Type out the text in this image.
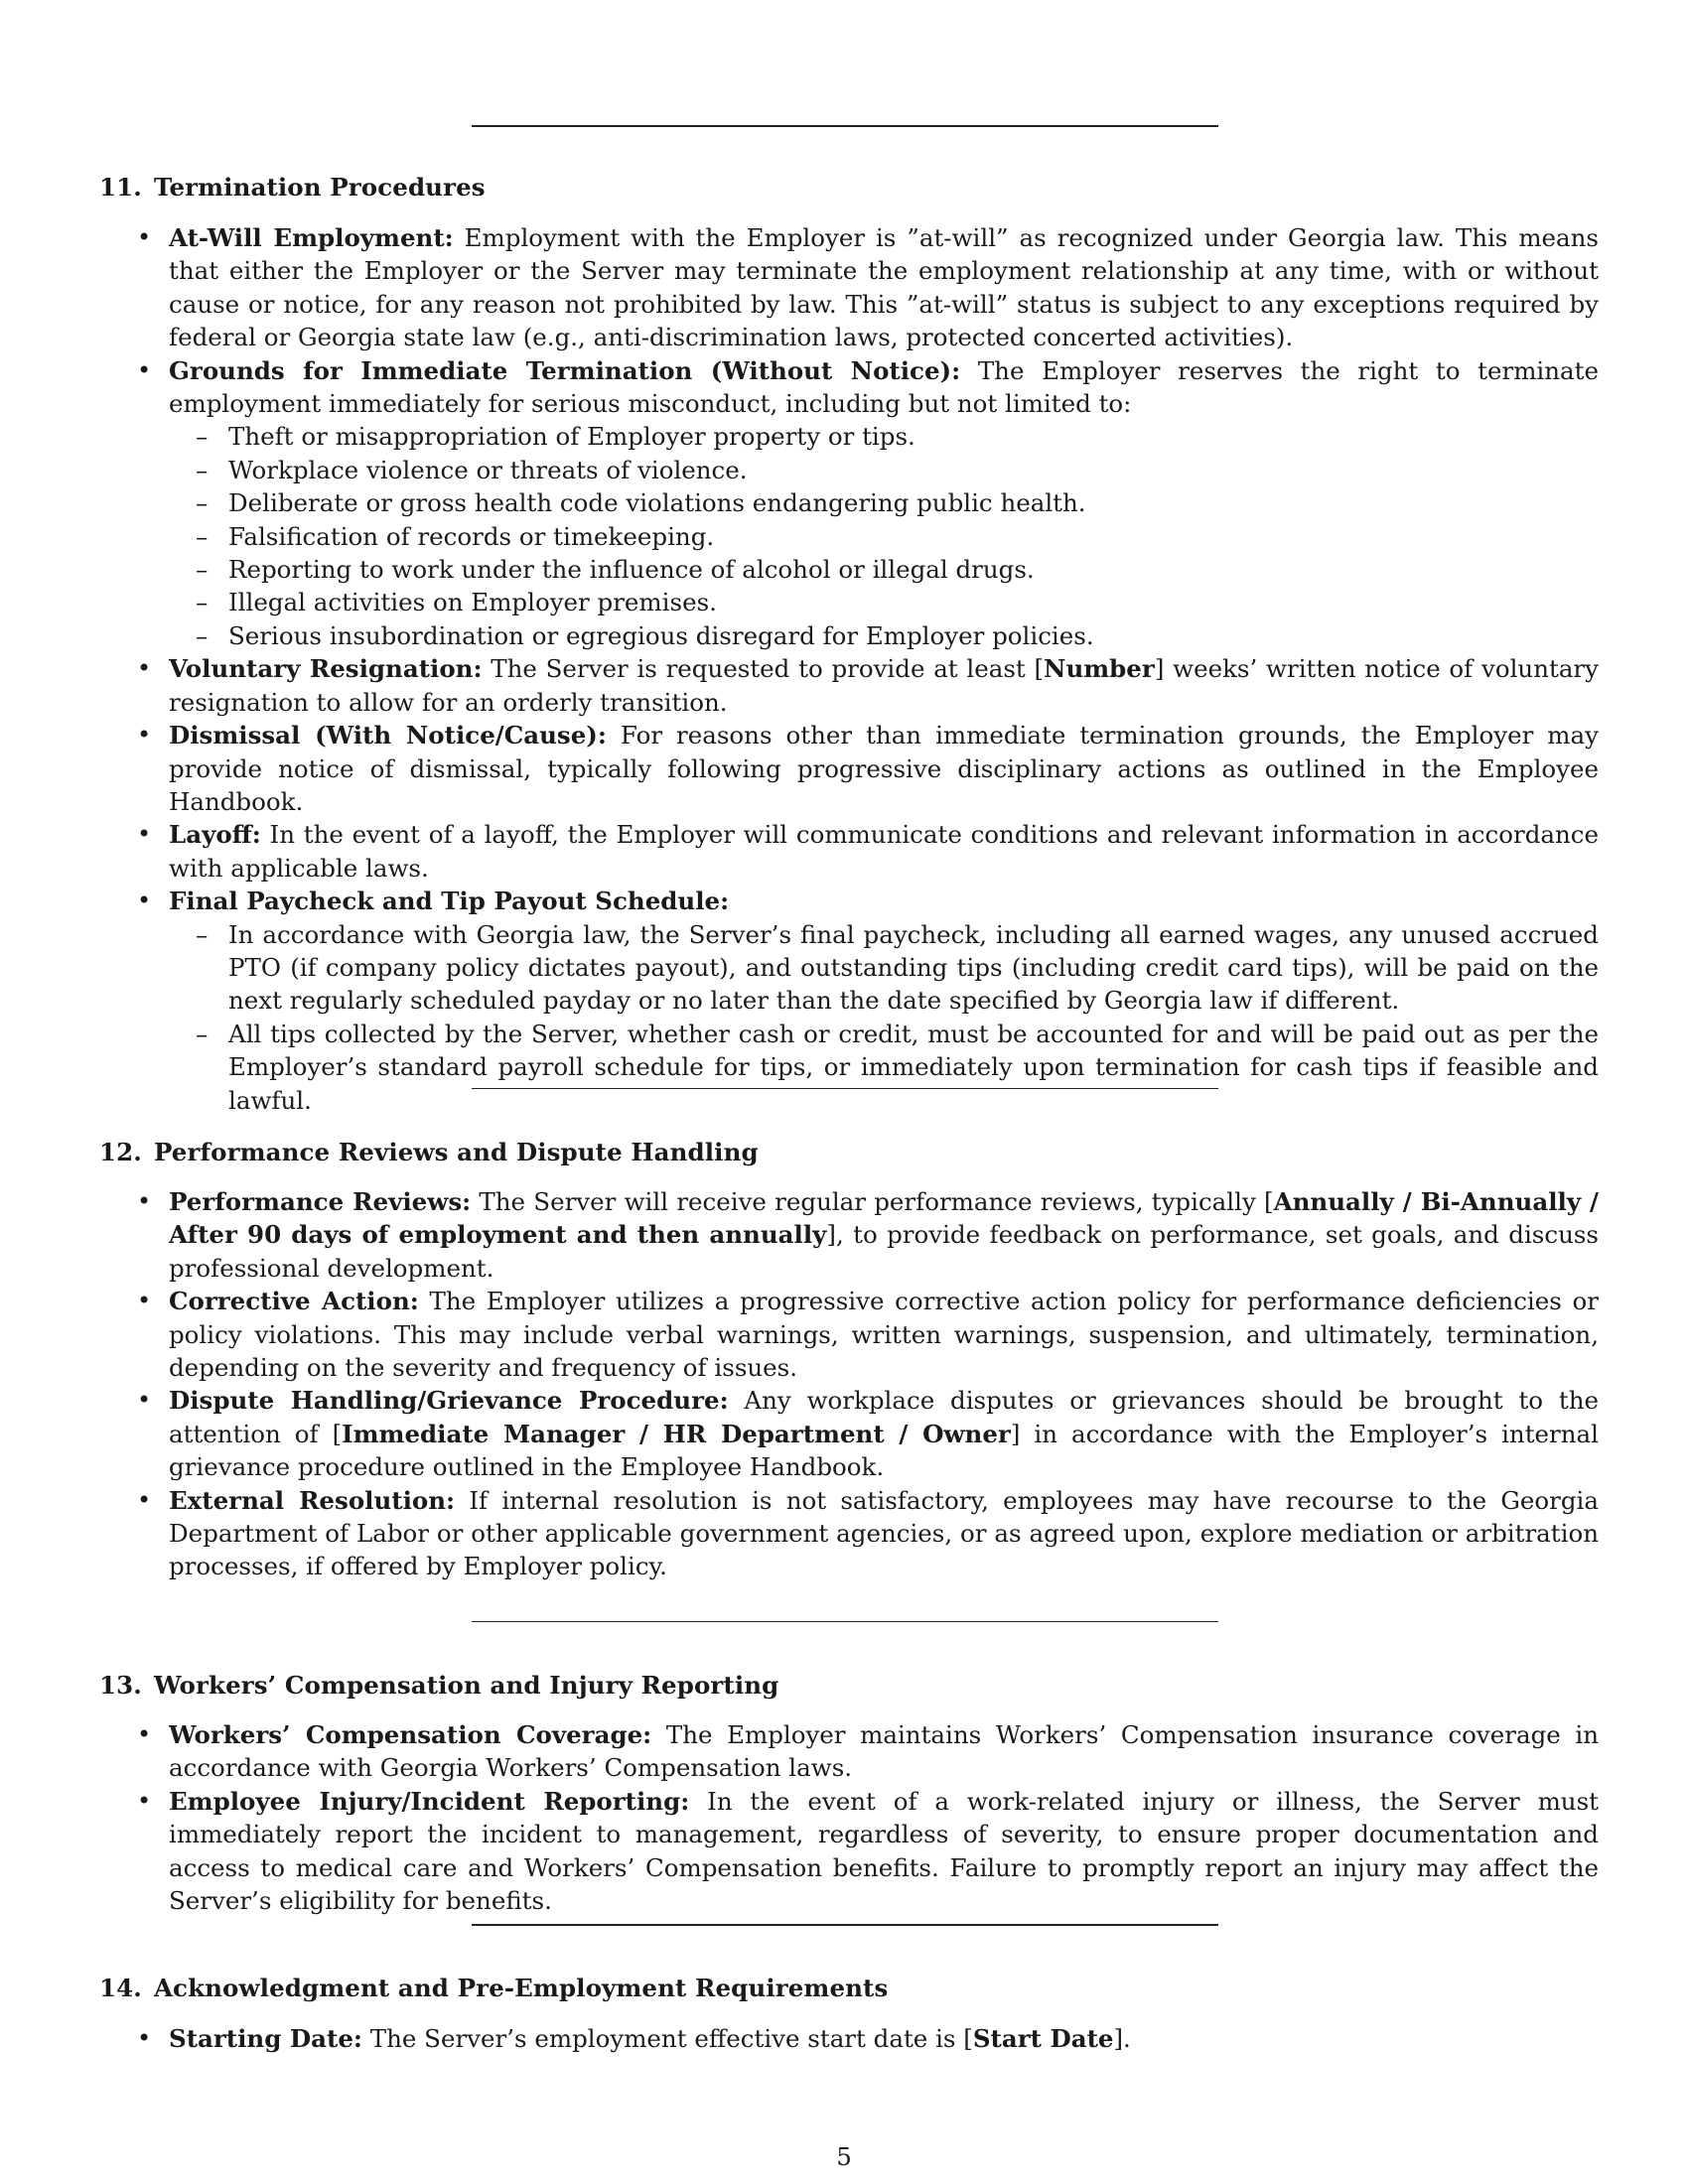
11. Termination Procedures
• At-Will Employment: Employment with the Employer is ”at-will” as recognized under Georgia law. This means that either the Employer or the Server may terminate the employment relationship at any time, with or without cause or notice, for any reason not prohibited by law. This ”at-will” status is subject to any exceptions required by federal or Georgia state law (e.g., anti-discrimination laws, protected concerted activities).
• Grounds for Immediate Termination (Without Notice): The Employer reserves the right to terminate employment immediately for serious misconduct, including but not limited to:
– Theft or misappropriation of Employer property or tips.
– Workplace violence or threats of violence.
– Deliberate or gross health code violations endangering public health.
– Falsification of records or timekeeping.
– Reporting to work under the influence of alcohol or illegal drugs.
– Illegal activities on Employer premises.
– Serious insubordination or egregious disregard for Employer policies.
• Voluntary Resignation: The Server is requested to provide at least [Number] weeks’ written notice of voluntary resignation to allow for an orderly transition.
• Dismissal (With Notice/Cause): For reasons other than immediate termination grounds, the Employer may provide notice of dismissal, typically following progressive disciplinary actions as outlined in the Employee Handbook.
• Layoff: In the event of a layoff, the Employer will communicate conditions and relevant information in accordance with applicable laws.
• Final Paycheck and Tip Payout Schedule:
– In accordance with Georgia law, the Server’s final paycheck, including all earned wages, any unused accrued PTO (if company policy dictates payout), and outstanding tips (including credit card tips), will be paid on the next regularly scheduled payday or no later than the date specified by Georgia law if different.
– All tips collected by the Server, whether cash or credit, must be accounted for and will be paid out as per the Employer’s standard payroll schedule for tips, or immediately upon termination for cash tips if feasible and lawful.
12. Performance Reviews and Dispute Handling
• Performance Reviews: The Server will receive regular performance reviews, typically [Annually / Bi-Annually / After 90 days of employment and then annually], to provide feedback on performance, set goals, and discuss professional development.
• Corrective Action: The Employer utilizes a progressive corrective action policy for performance deficiencies or policy violations. This may include verbal warnings, written warnings, suspension, and ultimately, termination, depending on the severity and frequency of issues.
• Dispute Handling/Grievance Procedure: Any workplace disputes or grievances should be brought to the attention of [Immediate Manager / HR Department / Owner] in accordance with the Employer’s internal grievance procedure outlined in the Employee Handbook.
• External Resolution: If internal resolution is not satisfactory, employees may have recourse to the Georgia Department of Labor or other applicable government agencies, or as agreed upon, explore mediation or arbitration processes, if offered by Employer policy.
13. Workers’ Compensation and Injury Reporting
• Workers’ Compensation Coverage: The Employer maintains Workers’ Compensation insurance coverage in accordance with Georgia Workers’ Compensation laws.
• Employee Injury/Incident Reporting: In the event of a work-related injury or illness, the Server must immediately report the incident to management, regardless of severity, to ensure proper documentation and access to medical care and Workers’ Compensation benefits. Failure to promptly report an injury may affect the Server’s eligibility for benefits.
14. Acknowledgment and Pre-Employment Requirements
• Starting Date: The Server’s employment effective start date is [Start Date].
5
